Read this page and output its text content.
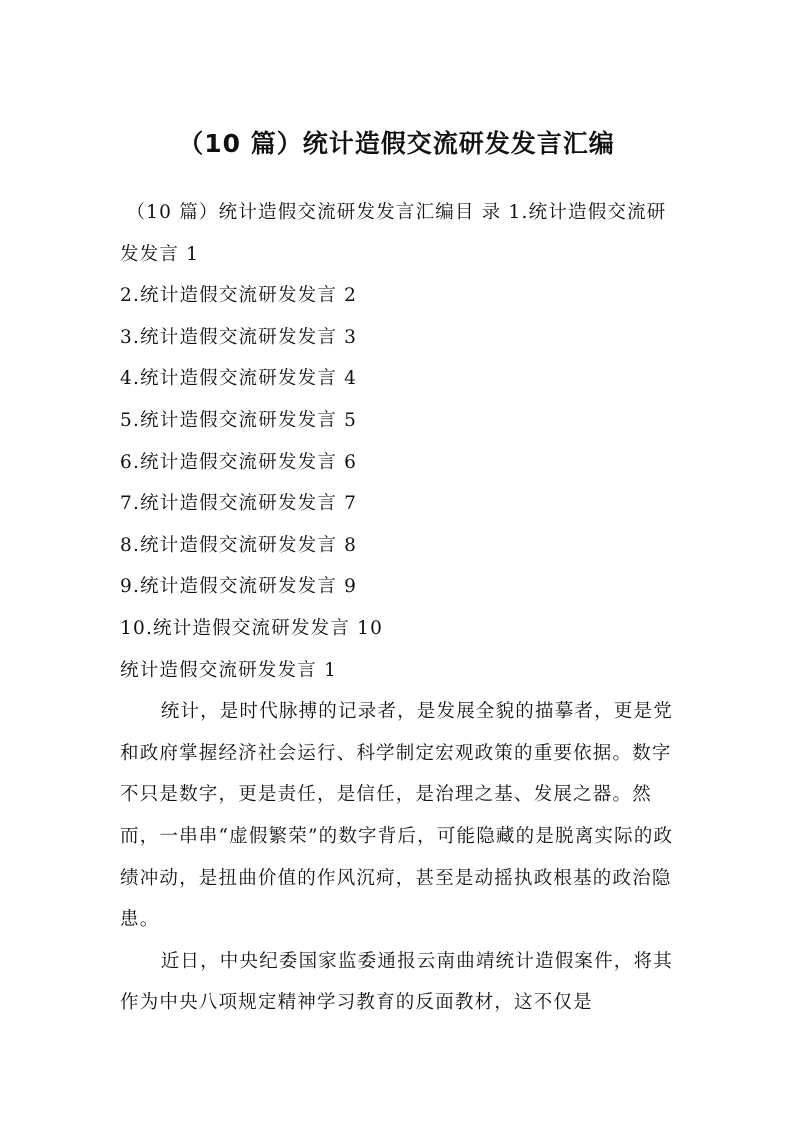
（10 篇）统计造假交流研发发言汇编

（10 篇）统计造假交流研发发言汇编目 录 1.统计造假交流研发发言 1

2.统计造假交流研发发言 2

3.统计造假交流研发发言 3

4.统计造假交流研发发言 4

5.统计造假交流研发发言 5

6.统计造假交流研发发言 6

7.统计造假交流研发发言 7

8.统计造假交流研发发言 8

9.统计造假交流研发发言 9

10.统计造假交流研发发言 10

统计造假交流研发发言 1

统计，是时代脉搏的记录者，是发展全貌的描摹者，更是党和政府掌握经济社会运行、科学制定宏观政策的重要依据。数字不只是数字，更是责任，是信任，是治理之基、发展之器。然而，一串串“虚假繁荣”的数字背后，可能隐藏的是脱离实际的政绩冲动，是扭曲价值的作风沉疴，甚至是动摇执政根基的政治隐患。

近日，中央纪委国家监委通报云南曲靖统计造假案件，将其作为中央八项规定精神学习教育的反面教材，这不仅是
